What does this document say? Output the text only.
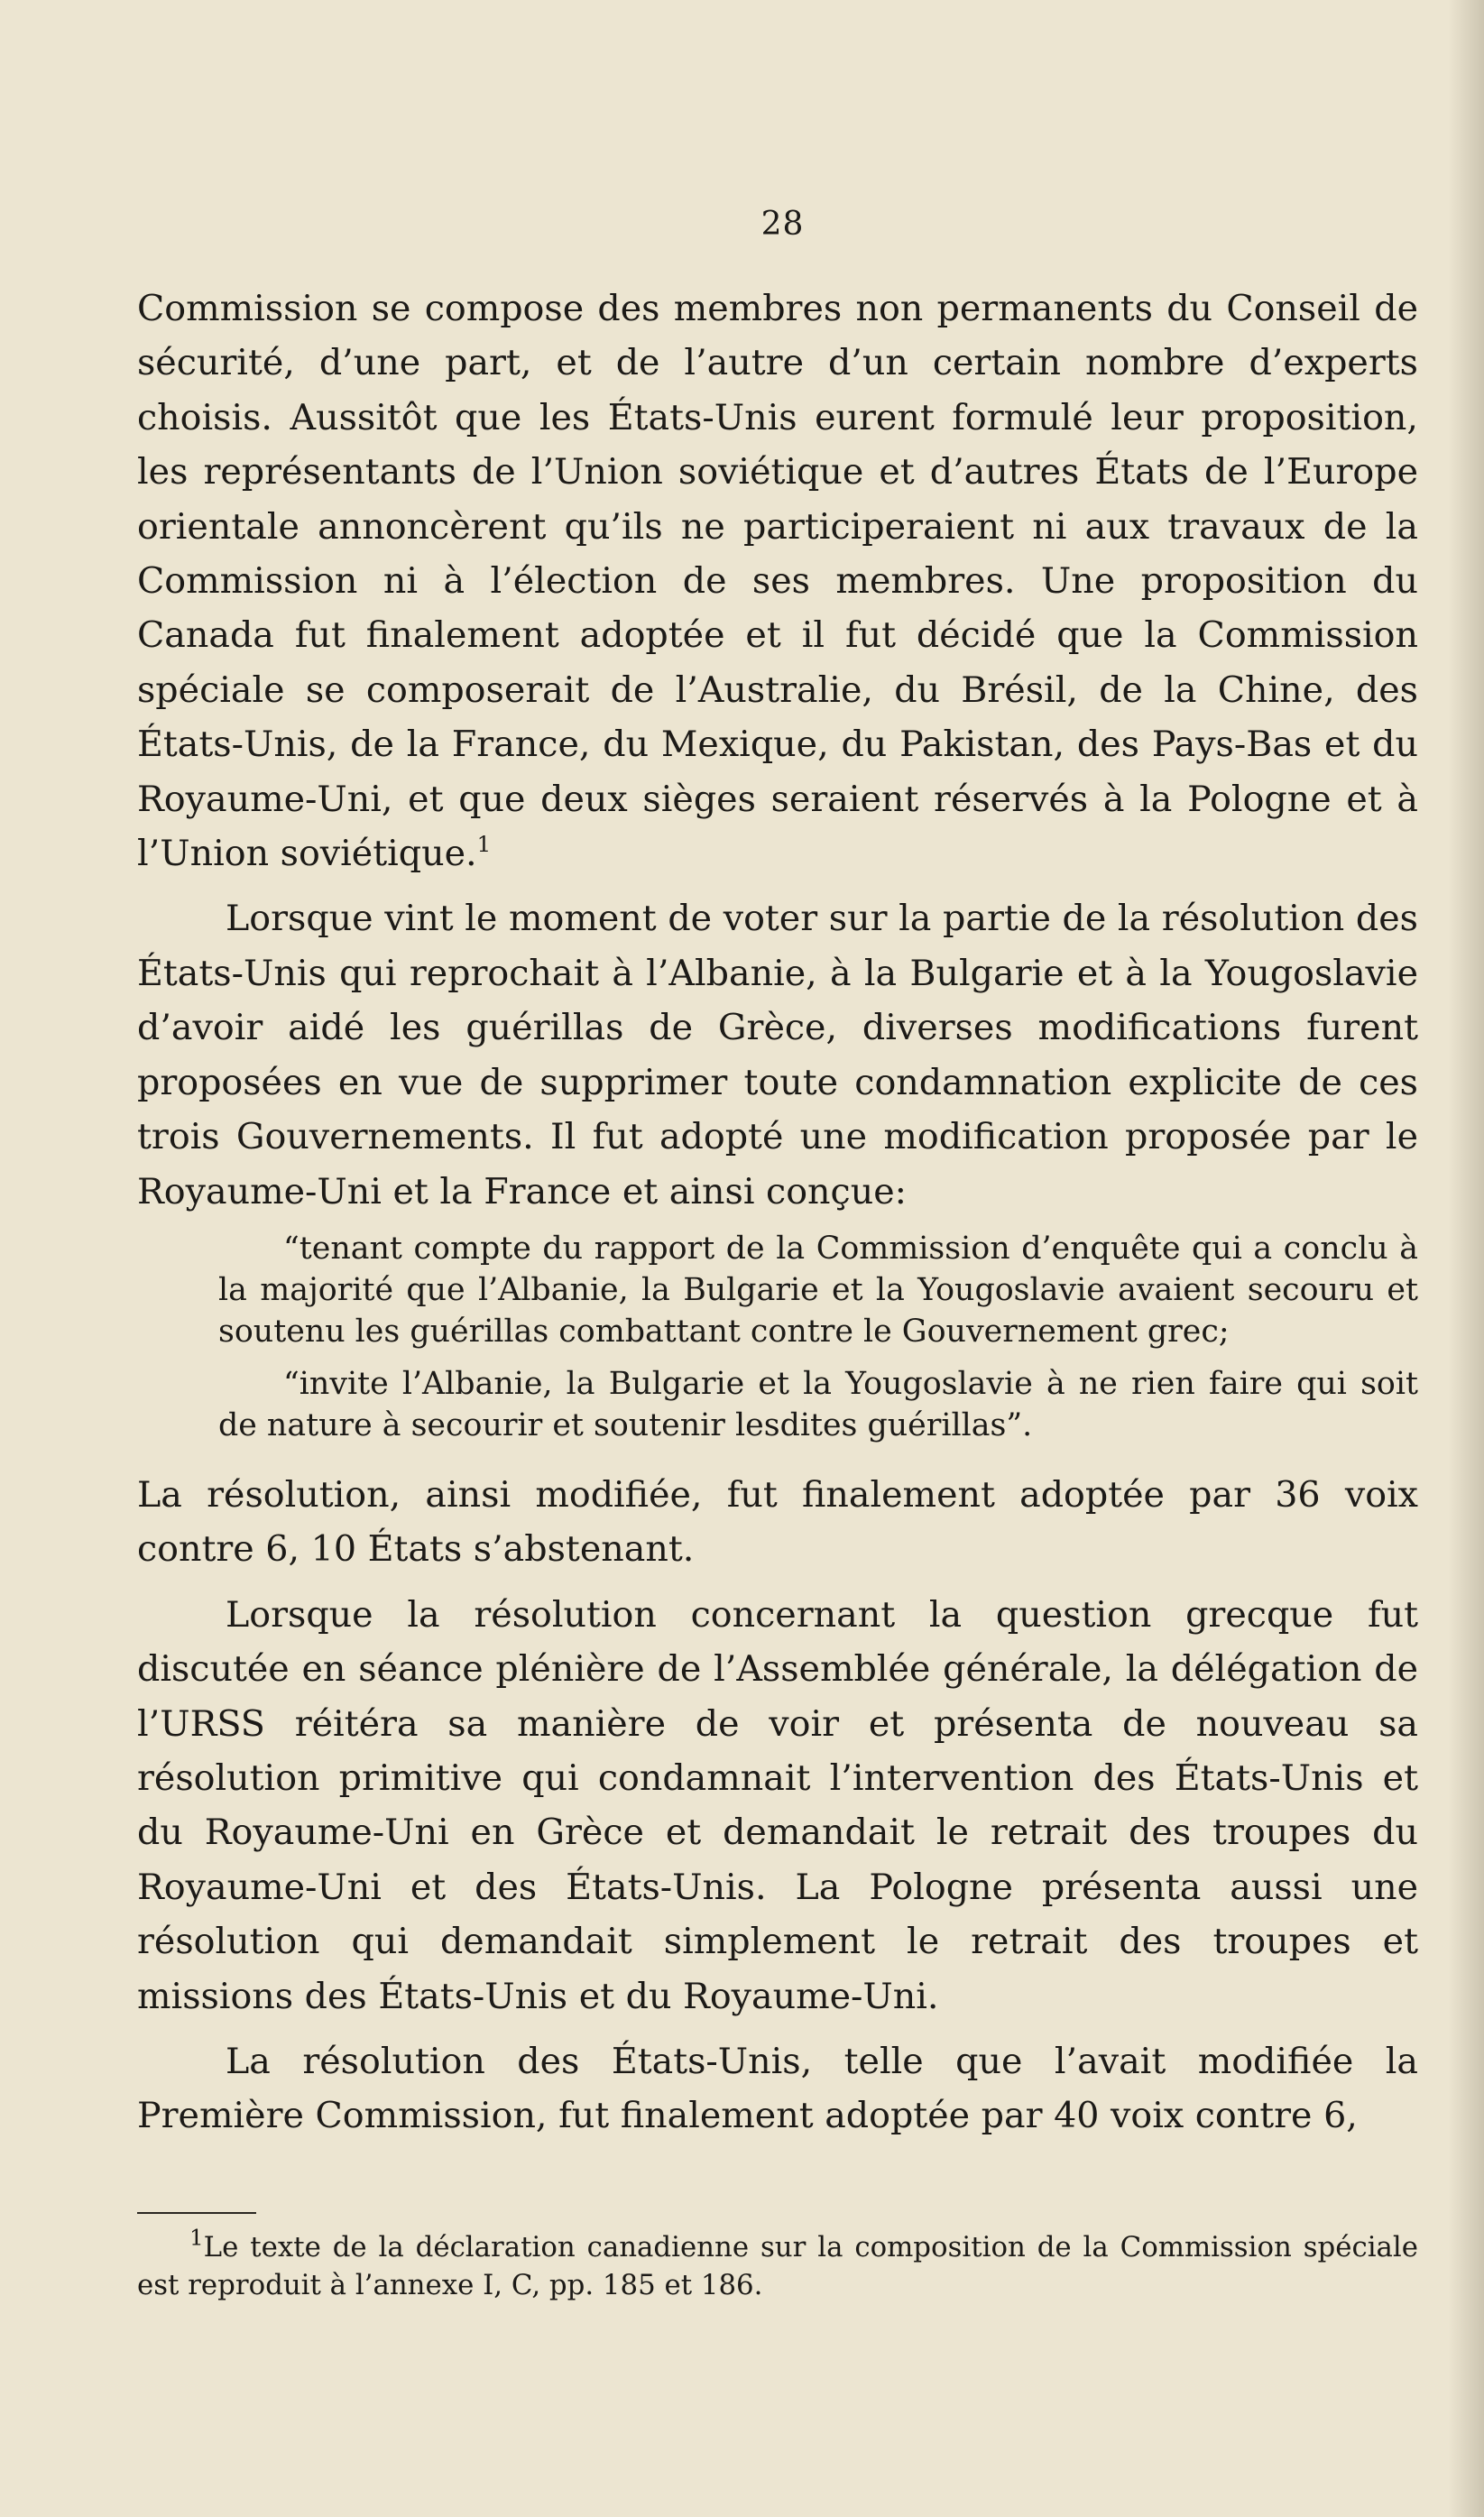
28

Commission se compose des membres non permanents du Conseil de sécurité, d’une part, et de l’autre d’un certain nombre d’experts choisis. Aussitôt que les États-Unis eurent formulé leur proposition, les représentants de l’Union soviétique et d’autres États de l’Europe orientale annoncèrent qu’ils ne participeraient ni aux travaux de la Commission ni à l’élection de ses membres. Une proposition du Canada fut finalement adoptée et il fut décidé que la Commission spéciale se composerait de l’Australie, du Brésil, de la Chine, des États-Unis, de la France, du Mexique, du Pakistan, des Pays-Bas et du Royaume-Uni, et que deux sièges seraient réservés à la Pologne et à l’Union soviétique.$^1$

Lorsque vint le moment de voter sur la partie de la résolution des États-Unis qui reprochait à l’Albanie, à la Bulgarie et à la Yougoslavie d’avoir aidé les guérillas de Grèce, diverses modifications furent proposées en vue de supprimer toute condamnation explicite de ces trois Gouvernements. Il fut adopté une modification proposée par le Royaume-Uni et la France et ainsi conçue:

“tenant compte du rapport de la Commission d’enquête qui a conclu à la majorité que l’Albanie, la Bulgarie et la Yougoslavie avaient secouru et soutenu les guérillas combattant contre le Gouvernement grec;

“invite l’Albanie, la Bulgarie et la Yougoslavie à ne rien faire qui soit de nature à secourir et soutenir lesdites guérillas”.

La résolution, ainsi modifiée, fut finalement adoptée par 36 voix contre 6, 10 États s’abstenant.

Lorsque la résolution concernant la question grecque fut discutée en séance plénière de l’Assemblée générale, la délégation de l’URSS réitéra sa manière de voir et présenta de nouveau sa résolution primitive qui condamnait l’intervention des États-Unis et du Royaume-Uni en Grèce et demandait le retrait des troupes du Royaume-Uni et des États-Unis. La Pologne présenta aussi une résolution qui demandait simplement le retrait des troupes et missions des États-Unis et du Royaume-Uni.

La résolution des États-Unis, telle que l’avait modifiée la Première Commission, fut finalement adoptée par 40 voix contre 6,

$^1$Le texte de la déclaration canadienne sur la composition de la Commission spéciale est reproduit à l’annexe I, C, pp. 185 et 186.
